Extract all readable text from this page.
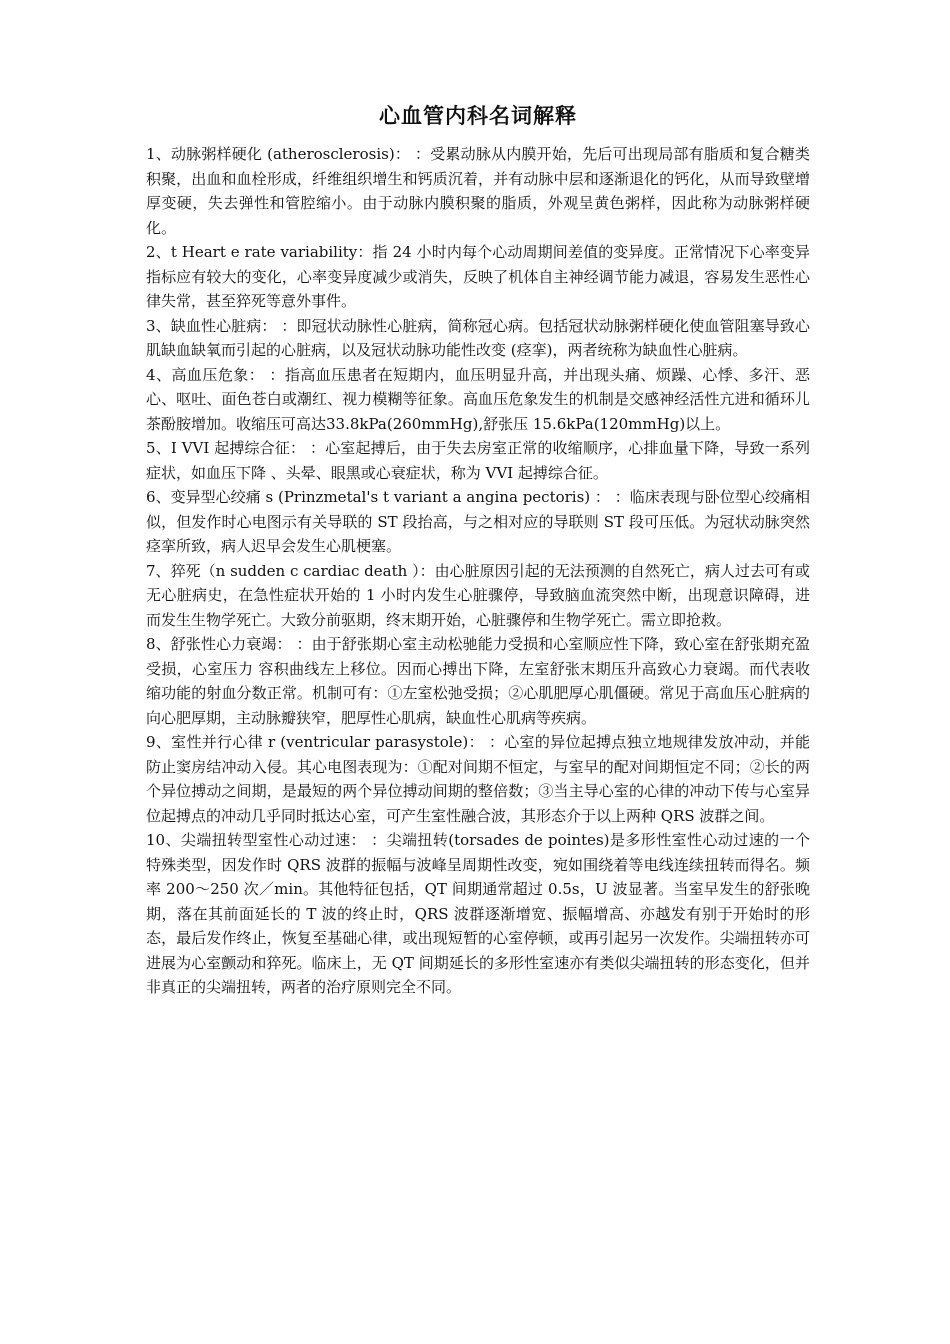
心血管内科名词解释

1、动脉粥样硬化 (atherosclerosis)： ：受累动脉从内膜开始，先后可出现局部有脂质和复合糖类积聚，出血和血栓形成，纤维组织增生和钙质沉着，并有动脉中层和逐渐退化的钙化，从而导致壁增厚变硬，失去弹性和管腔缩小。由于动脉内膜积聚的脂质，外观呈黄色粥样，因此称为动脉粥样硬化。

2、t Heart e rate variability：指 24 小时内每个心动周期间差值的变异度。正常情况下心率变异指标应有较大的变化，心率变异度减少或消失，反映了机体自主神经调节能力减退，容易发生恶性心律失常，甚至猝死等意外事件。

3、缺血性心脏病： ：即冠状动脉性心脏病，简称冠心病。包括冠状动脉粥样硬化使血管阻塞导致心肌缺血缺氧而引起的心脏病，以及冠状动脉功能性改变 (痉挛)，两者统称为缺血性心脏病。

4、高血压危象： ：指高血压患者在短期内，血压明显升高，并出现头痛、烦躁、心悸、多汗、恶心、呕吐、面色苍白或潮红、视力模糊等征象。高血压危象发生的机制是交感神经活性亢进和循环儿茶酚胺增加。收缩压可高达33.8kPa(260mmHg),舒张压 15.6kPa(120mmHg)以上。

5、I VVI 起搏综合征： ：心室起搏后，由于失去房室正常的收缩顺序，心排血量下降，导致一系列症状，如血压下降 、头晕、眼黑或心衰症状，称为 VVI 起搏综合征。

6、变异型心绞痛 s (Prinzmetal's t variant a angina pectoris) ： ：临床表现与卧位型心绞痛相似，但发作时心电图示有关导联的 ST 段抬高，与之相对应的导联则 ST 段可压低。为冠状动脉突然痉挛所致，病人迟早会发生心肌梗塞。

7、猝死（n sudden c cardiac death ）：由心脏原因引起的无法预测的自然死亡，病人过去可有或无心脏病史，在急性症状开始的 1 小时内发生心脏骤停，导致脑血流突然中断，出现意识障碍，进而发生生物学死亡。大致分前驱期，终末期开始，心脏骤停和生物学死亡。需立即抢救。

8、舒张性心力衰竭： ：由于舒张期心室主动松驰能力受损和心室顺应性下降，致心室在舒张期充盈受损，心室压力 容积曲线左上移位。因而心搏出下降，左室舒张末期压升高致心力衰竭。而代表收缩功能的射血分数正常。机制可有：①左室松弛受损；②心肌肥厚心肌僵硬。常见于高血压心脏病的向心肥厚期，主动脉瓣狭窄，肥厚性心肌病，缺血性心肌病等疾病。

9、室性并行心律 r (ventricular parasystole)： ：心室的异位起搏点独立地规律发放冲动，并能防止窦房结冲动入侵。其心电图表现为：①配对间期不恒定，与室早的配对间期恒定不同；②长的两个异位搏动之间期，是最短的两个异位搏动间期的整倍数；③当主导心室的心律的冲动下传与心室异位起搏点的冲动几乎同时抵达心室，可产生室性融合波，其形态介于以上两种 QRS 波群之间。

10、尖端扭转型室性心动过速： ：尖端扭转(torsades de pointes)是多形性室性心动过速的一个特殊类型，因发作时 QRS 波群的振幅与波峰呈周期性改变，宛如围绕着等电线连续扭转而得名。频率 200～250 次／min。其他特征包括，QT 间期通常超过 0.5s，U 波显著。当室早发生的舒张晚期，落在其前面延长的 T 波的终止时，QRS 波群逐渐增宽、振幅增高、亦越发有别于开始时的形态，最后发作终止，恢复至基础心律，或出现短暂的心室停顿，或再引起另一次发作。尖端扭转亦可进展为心室颤动和猝死。临床上，无 QT 间期延长的多形性室速亦有类似尖端扭转的形态变化，但并非真正的尖端扭转，两者的治疗原则完全不同。
